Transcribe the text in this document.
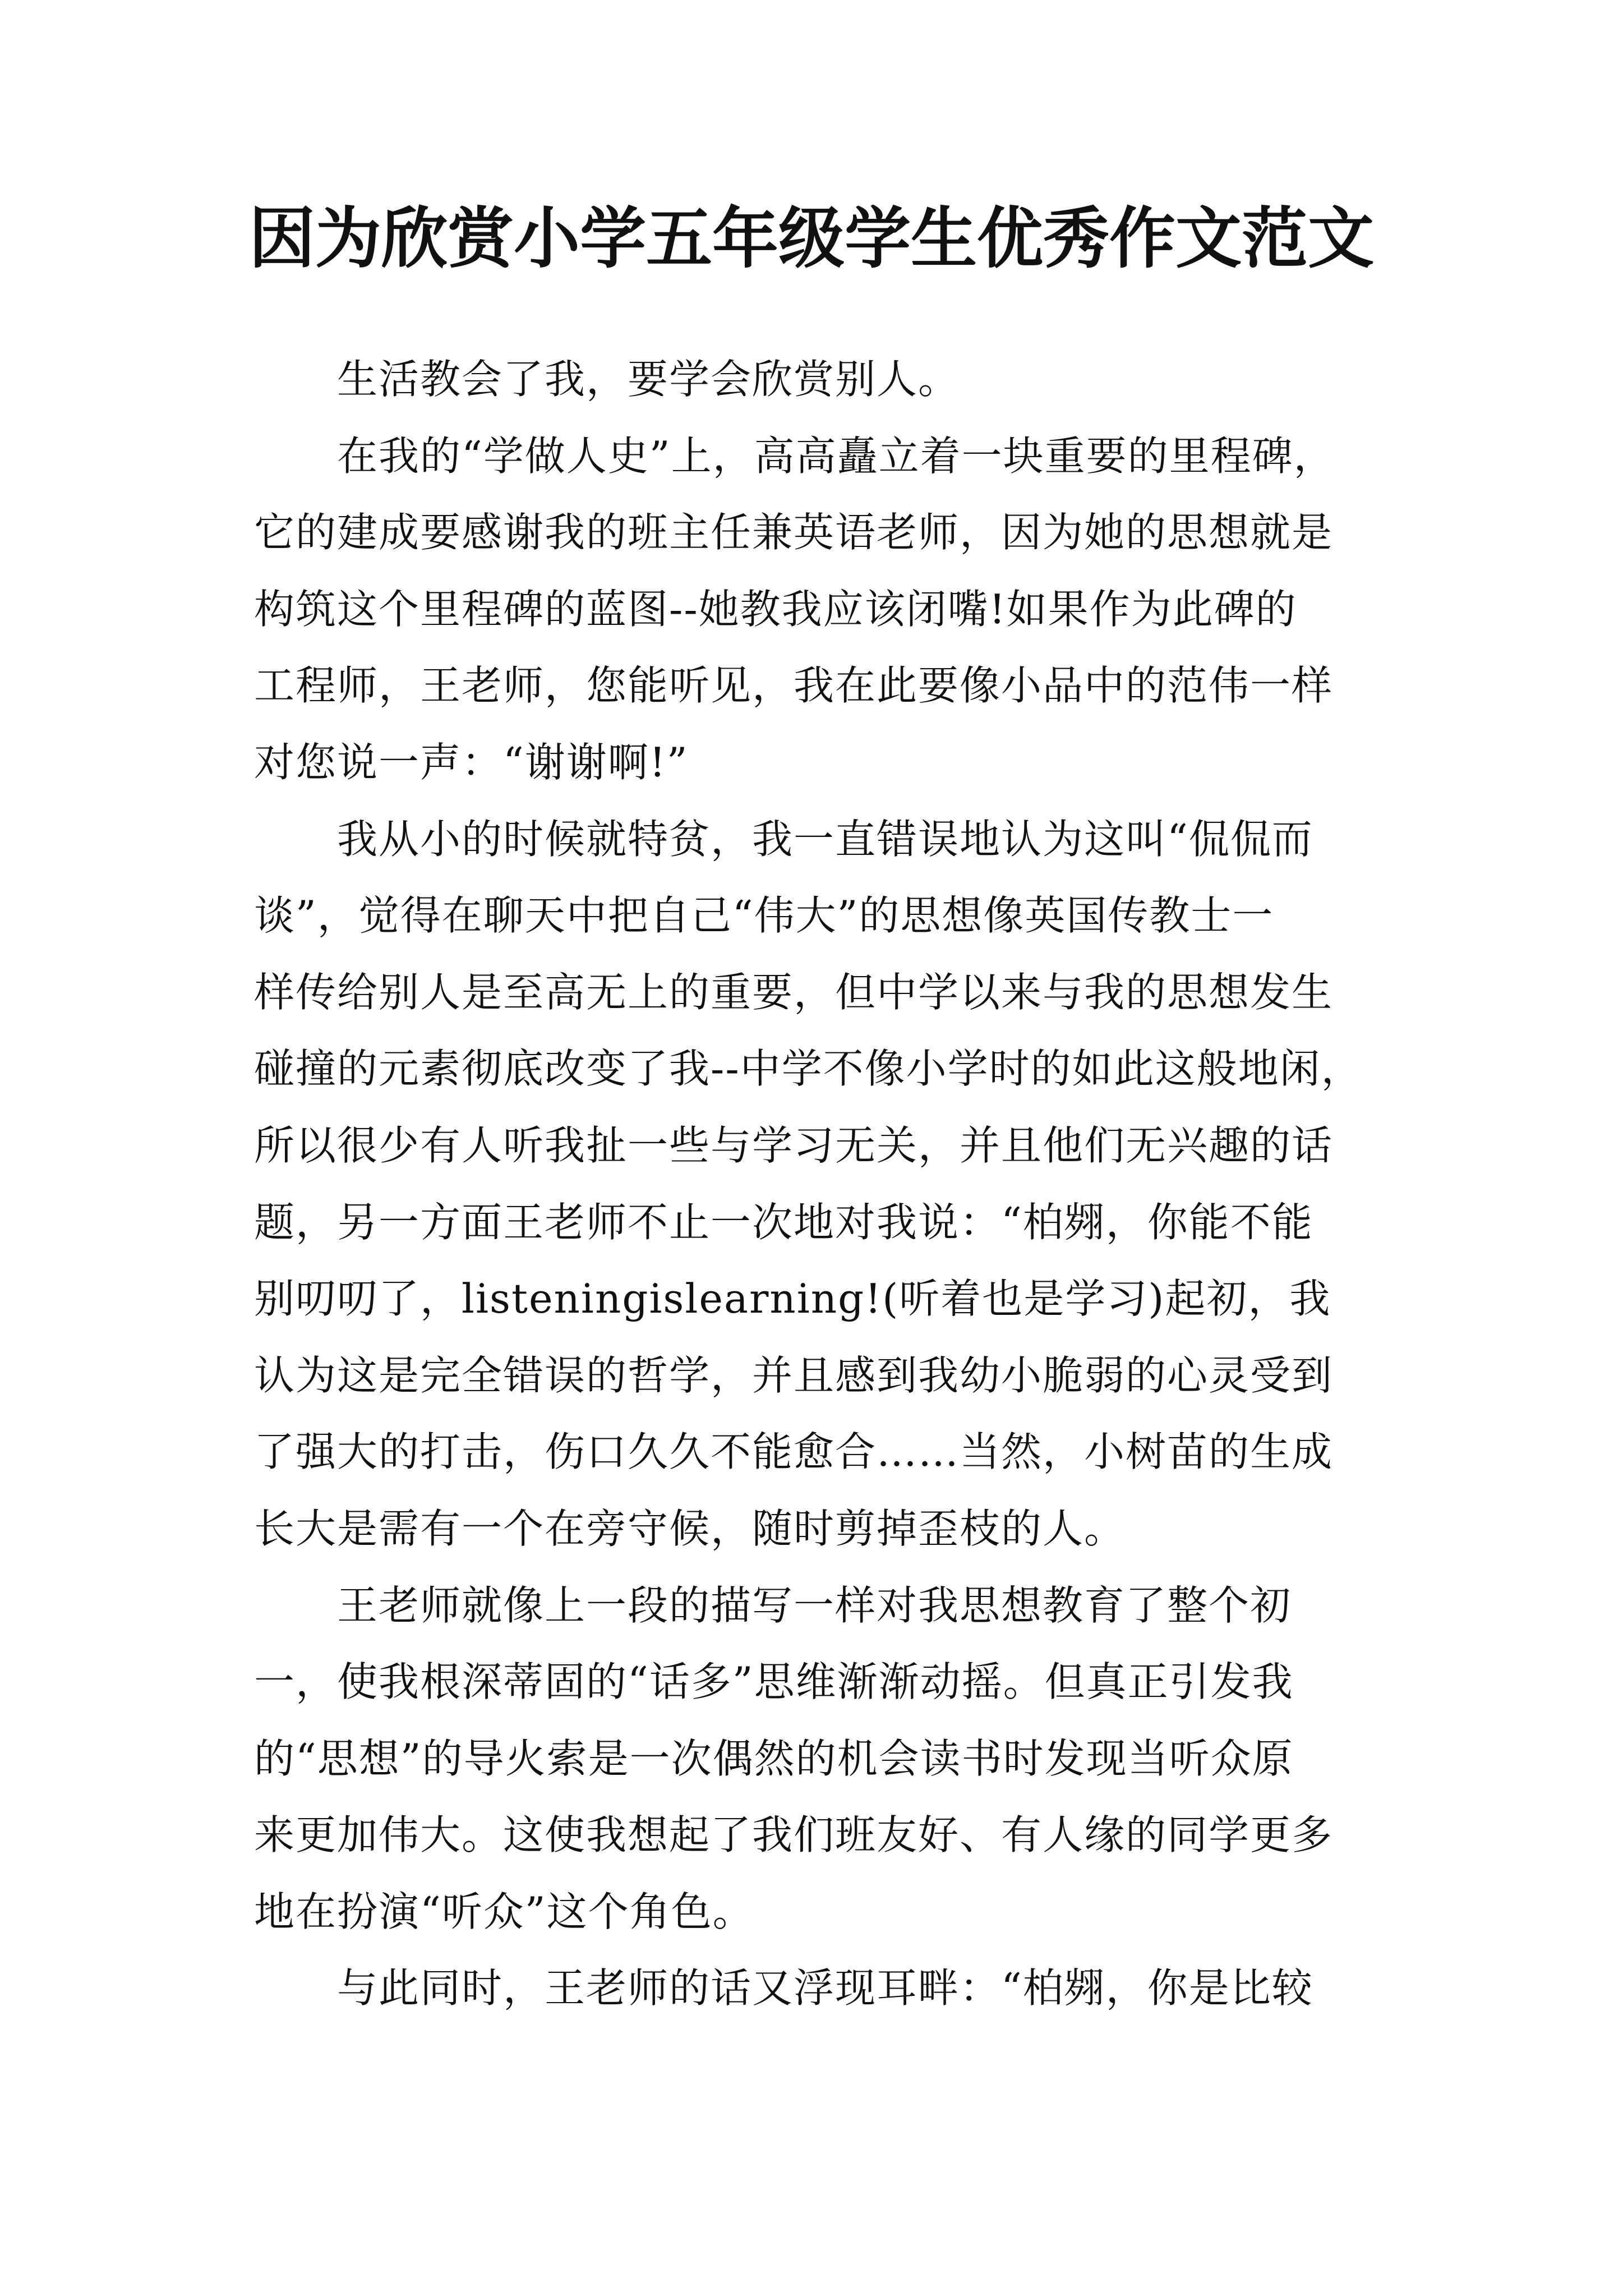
因为欣赏小学五年级学生优秀作文范文
生活教会了我，要学会欣赏别人。
在我的“学做人史”上，高高矗立着一块重要的里程碑，
它的建成要感谢我的班主任兼英语老师，因为她的思想就是
构筑这个里程碑的蓝图--她教我应该闭嘴!如果作为此碑的
工程师，王老师，您能听见，我在此要像小品中的范伟一样
对您说一声：“谢谢啊!”
我从小的时候就特贫，我一直错误地认为这叫“侃侃而
谈”，觉得在聊天中把自己“伟大”的思想像英国传教士一
样传给别人是至高无上的重要，但中学以来与我的思想发生
碰撞的元素彻底改变了我--中学不像小学时的如此这般地闲，
所以很少有人听我扯一些与学习无关，并且他们无兴趣的话
题，另一方面王老师不止一次地对我说：“柏翙，你能不能
别叨叨了，listeningislearning!(听着也是学习)起初，我
认为这是完全错误的哲学，并且感到我幼小脆弱的心灵受到
了强大的打击，伤口久久不能愈合……当然，小树苗的生成
长大是需有一个在旁守候，随时剪掉歪枝的人。
王老师就像上一段的描写一样对我思想教育了整个初
一，使我根深蒂固的“话多”思维渐渐动摇。但真正引发我
的“思想”的导火索是一次偶然的机会读书时发现当听众原
来更加伟大。这使我想起了我们班友好、有人缘的同学更多
地在扮演“听众”这个角色。
与此同时，王老师的话又浮现耳畔：“柏翙，你是比较
